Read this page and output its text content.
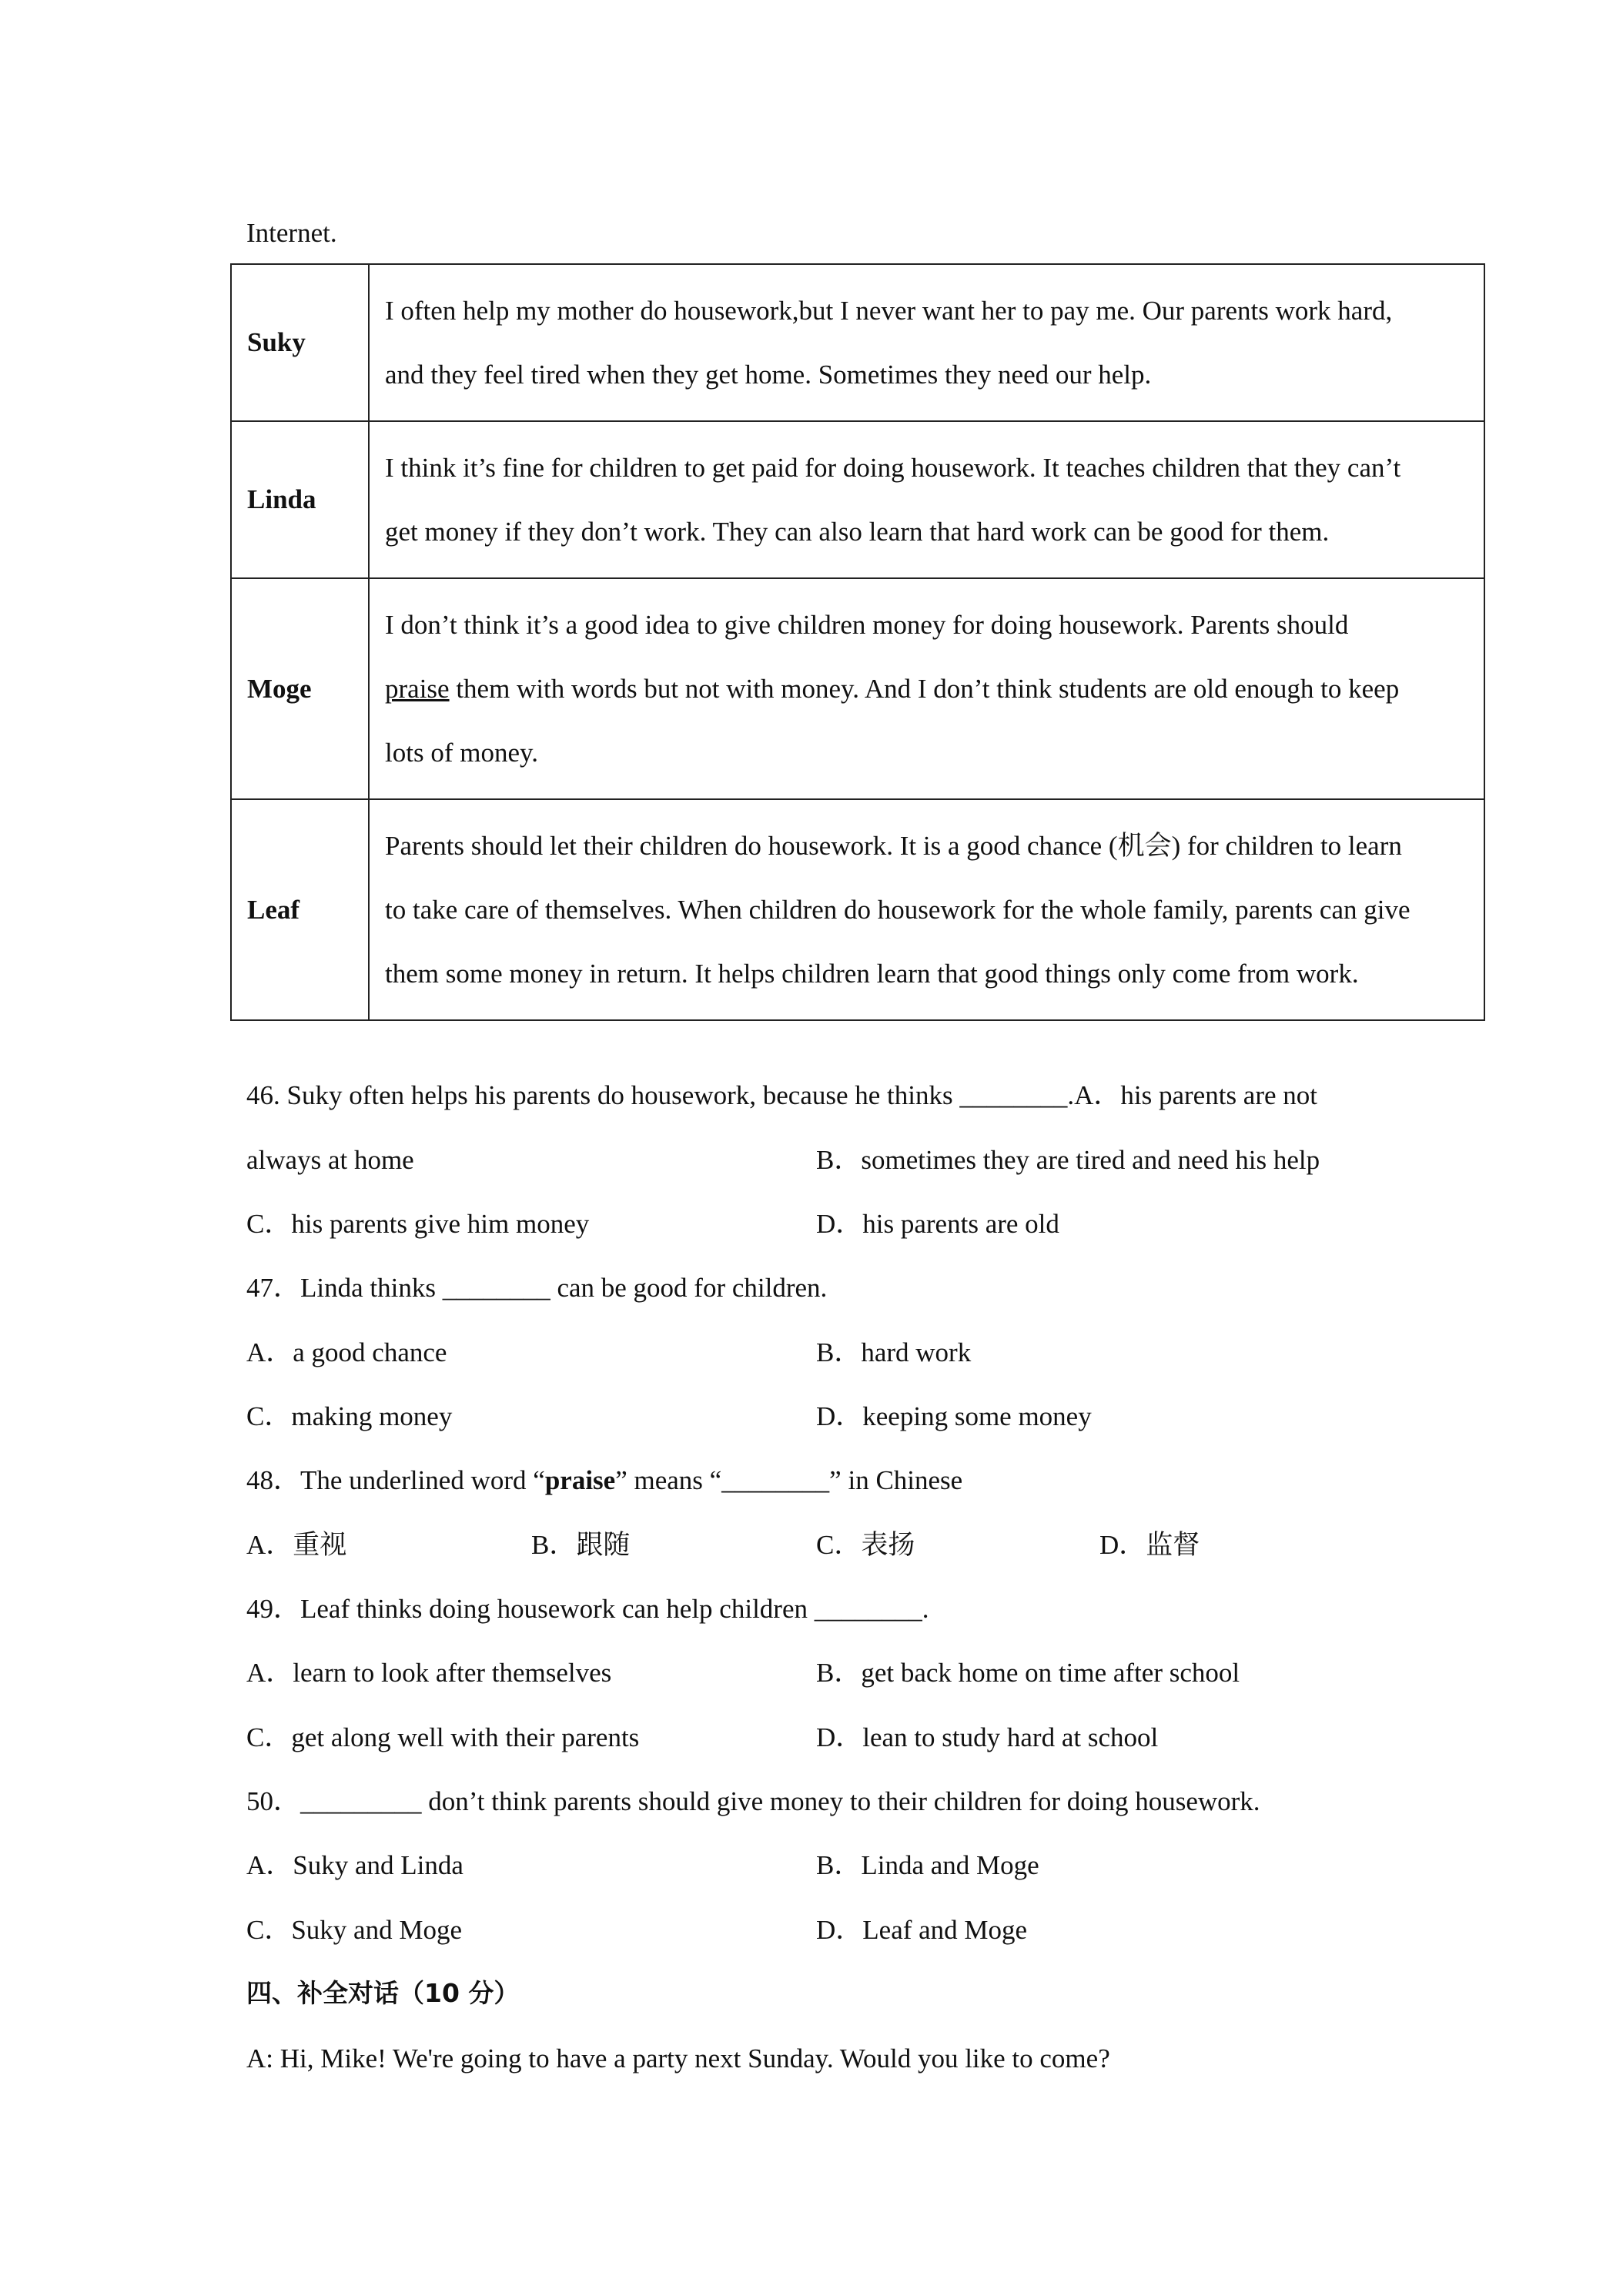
Internet.
Suky	I often help my mother do housework,but I never want her to pay me. Our parents work hard,
and they feel tired when they get home. Sometimes they need our help.

Linda	I think it’s fine for children to get paid for doing housework. It teaches children that they can’t
get money if they don’t work. They can also learn that hard work can be good for them.

Moge	I don’t think it’s a good idea to give children money for doing housework. Parents should
praise them with words but not with money. And I don’t think students are old enough to keep
lots of money.

Leaf	Parents should let their children do housework. It is a good chance (机会) for children to learn
to take care of themselves. When children do housework for the whole family, parents can give
them some money in return. It helps children learn that good things only come from work.
46. Suky often helps his parents do housework, because he thinks ________.A．his parents are not
always at home	B．sometimes they are tired and need his help
C．his parents give him money	D．his parents are old
47．Linda thinks ________ can be good for children.
A．a good chance	B．hard work
C．making money	D．keeping some money
48．The underlined word “praise” means “________” in Chinese
A．重视	B．跟随	C．表扬	D．监督
49．Leaf thinks doing housework can help children ________.
A．learn to look after themselves	B．get back home on time after school
C．get along well with their parents	D．lean to study hard at school
50．_________ don’t think parents should give money to their children for doing housework.
A．Suky and Linda	B．Linda and Moge
C．Suky and Moge	D．Leaf and Moge
四、补全对话（10 分）
A: Hi, Mike! We're going to have a party next Sunday. Would you like to come?
